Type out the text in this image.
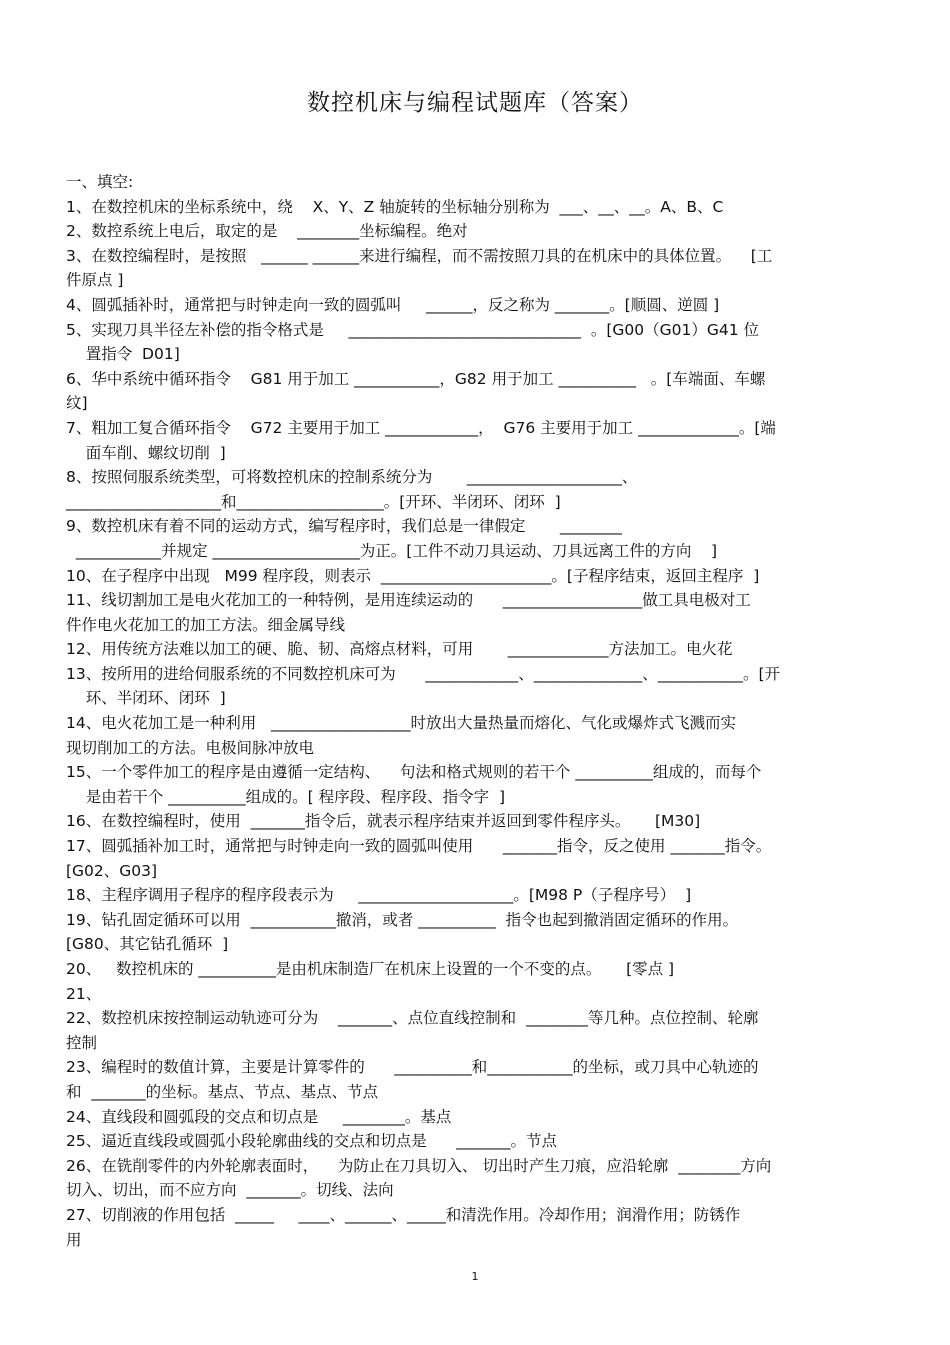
数控机床与编程试题库（答案）
一、填空:
1、在数控机床的坐标系统中，绕    X、Y、Z 轴旋转的坐标轴分别称为  ___、__、__。A、B、C
2、数控系统上电后，取定的是    ________坐标编程。绝对
3、在数控编程时，是按照   ______ ______来进行编程，而不需按照刀具的在机床中的具体位置。    [工
件原点 ]
4、圆弧插补时，通常把与时钟走向一致的圆弧叫     ______，反之称为 _______。[顺圆、逆圆 ]
5、实现刀具半径左补偿的指令格式是     ______________________________  。[G00（G01）G41 位
置指令  D01]
6、华中系统中循环指令    G81 用于加工 ___________，G82 用于加工 __________   。[车端面、车螺
纹]
7、粗加工复合循环指令    G72 主要用于加工 ____________，  G76 主要用于加工 _____________。[端
面车削、螺纹切削  ]
8、按照伺服系统类型，可将数控机床的控制系统分为       ____________________、
____________________和___________________。[开环、半闭环、闭环  ]
9、数控机床有着不同的运动方式，编写程序时，我们总是一律假定       ________
___________并规定 ___________________为正。[工件不动刀具运动、刀具远离工件的方向    ]
10、在子程序中出现   M99 程序段，则表示  ______________________。[子程序结束，返回主程序  ]
11、线切割加工是电火花加工的一种特例，是用连续运动的      __________________做工具电极对工
件作电火花加工的加工方法。细金属导线
12、用传统方法难以加工的硬、脆、韧、高熔点材料，可用       _____________方法加工。电火花
13、按所用的进给伺服系统的不同数控机床可为      ____________、______________、___________。[开
环、半闭环、闭环  ]
14、电火花加工是一种利用   __________________时放出大量热量而熔化、气化或爆炸式飞溅而实
现切削加工的方法。电极间脉冲放电
15、一个零件加工的程序是由遵循一定结构、    句法和格式规则的若干个 __________组成的，而每个
是由若干个 __________组成的。[ 程序段、程序段、指令字  ]
16、在数控编程时，使用  _______指令后，就表示程序结束并返回到零件程序头。     [M30]
17、圆弧插补加工时，通常把与时钟走向一致的圆弧叫使用      _______指令，反之使用 _______指令。
[G02、G03]
18、主程序调用子程序的程序段表示为     ____________________。[M98 P（子程序号）  ]
19、钻孔固定循环可以用  ___________撤消，或者 __________  指令也起到撤消固定循环的作用。
[G80、其它钻孔循环  ]
20、   数控机床的 __________是由机床制造厂在机床上设置的一个不变的点。     [零点 ]
21、
22、数控机床按控制运动轨迹可分为    _______、点位直线控制和  ________等几种。点位控制、轮廓
控制
23、编程时的数值计算，主要是计算零件的      __________和___________的坐标，或刀具中心轨迹的
和  _______的坐标。基点、节点、基点、节点
24、直线段和圆弧段的交点和切点是     ________。基点
25、逼近直线段或圆弧小段轮廓曲线的交点和切点是      _______。节点
26、在铣削零件的内外轮廓表面时，    为防止在刀具切入、 切出时产生刀痕，应沿轮廓  ________方向
切入、切出，而不应方向  _______。切线、法向
27、切削液的作用包括  _____     ____、______、_____和清洗作用。冷却作用；润滑作用；防锈作
用
1
